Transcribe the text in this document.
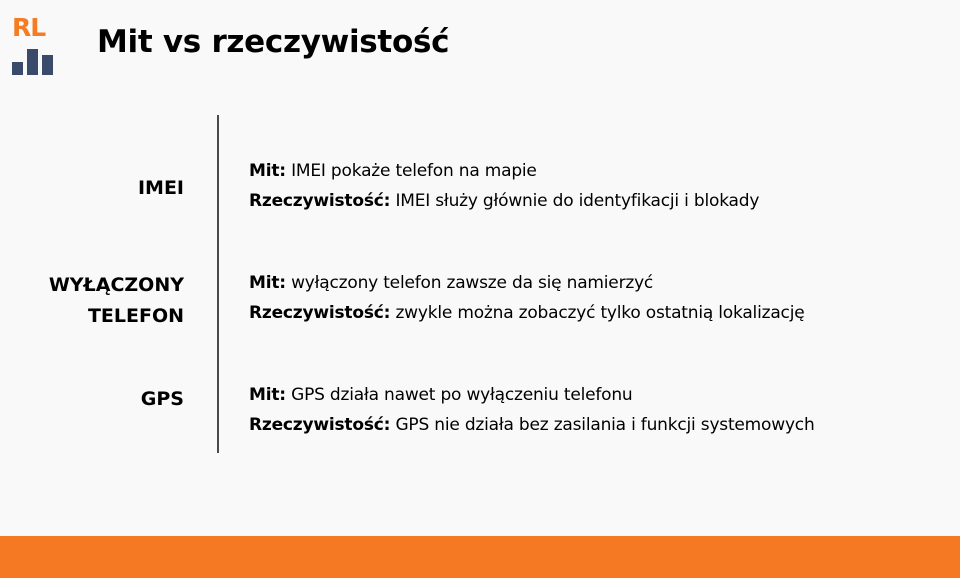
RL Mit vs rzeczywistość
IMEI
Mit: IMEI pokaże telefon na mapie
Rzeczywistość: IMEI służy głównie do identyfikacji i blokady
WYŁĄCZONY
TELEFON
Mit: wyłączony telefon zawsze da się namierzyć
Rzeczywistość: zwykle można zobaczyć tylko ostatnią lokalizację
GPS	Mit: GPS działa nawet po wyłączeniu telefonu
Rzeczywistość: GPS nie działa bez zasilania i funkcji systemowych
